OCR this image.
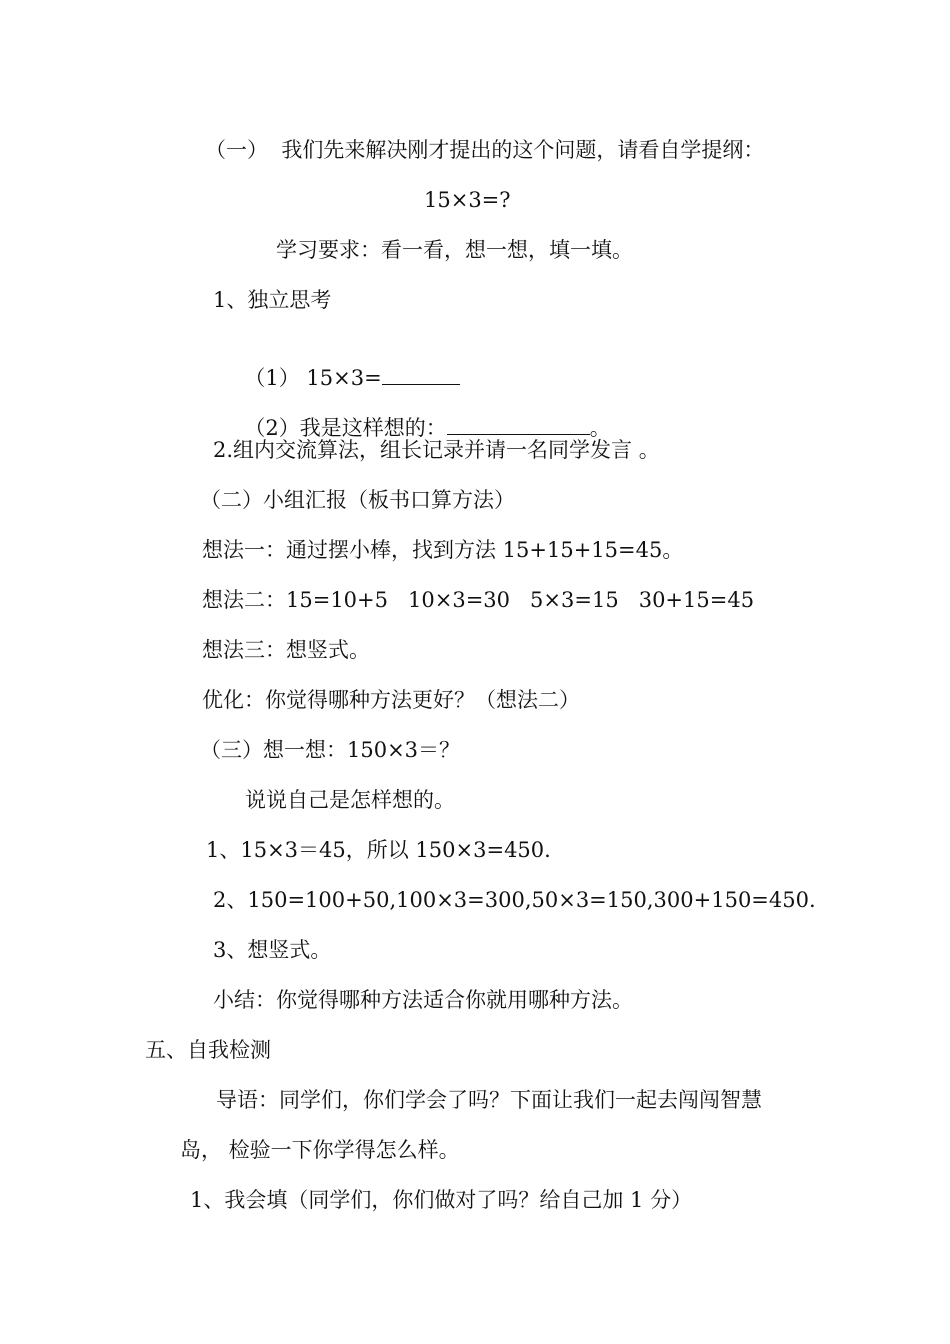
（一）  我们先来解决刚才提出的这个问题，请看自学提纲：
15×3=?
学习要求：看一看，想一想，填一填。
1、独立思考

（1） 15×3=

（2）我是这样想的：	。

2.组内交流算法，组长记录并请一名同学发言 。
（二）小组汇报（板书口算方法）
想法一：通过摆小棒，找到方法 15+15+15=45。
想法二：15=10+5   10×3=30   5×3=15   30+15=45
想法三：想竖式。
优化：你觉得哪种方法更好？（想法二）
（三）想一想：150×3＝？
说说自己是怎样想的。
1、15×3＝45，所以 150×3=450.
2、150=100+50,100×3=300,50×3=150,300+150=450.
3、想竖式。
小结：你觉得哪种方法适合你就用哪种方法。
五、自我检测
导语：同学们，你们学会了吗？下面让我们一起去闯闯智慧
岛， 检验一下你学得怎么样。
1、我会填（同学们，你们做对了吗？给自己加 1 分）
